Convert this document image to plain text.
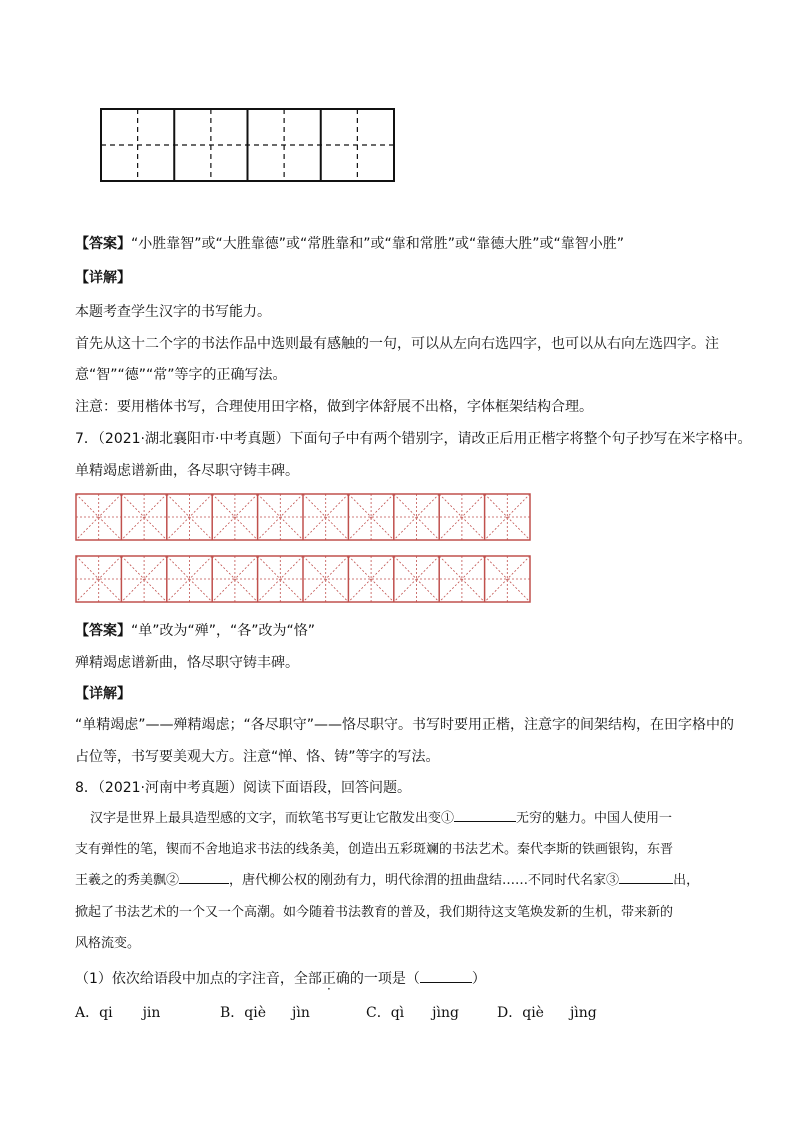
【答案】“小胜靠智”或“大胜靠德”或“常胜靠和”或“靠和常胜”或“靠德大胜”或“靠智小胜”
【详解】
本题考查学生汉字的书写能力。
首先从这十二个字的书法作品中选则最有感触的一句，可以从左向右选四字，也可以从右向左选四字。注
意“智”“德”“常”等字的正确写法。
注意：要用楷体书写，合理使用田字格，做到字体舒展不出格，字体框架结构合理。
7．（2021·湖北襄阳市·中考真题）下面句子中有两个错别字，请改正后用正楷字将整个句子抄写在米字格中。
单精竭虑谱新曲，各尽职守铸丰碑。
【答案】“单”改为“殚”，“各”改为“恪”
殚精竭虑谱新曲，恪尽职守铸丰碑。
【详解】
“单精竭虑”——殚精竭虑；“各尽职守”——恪尽职守。书写时要用正楷，注意字的间架结构，在田字格中的
占位等，书写要美观大方。注意“惮、恪、铸”等字的写法。
8．（2021·河南中考真题）阅读下面语段，回答问题。
汉字是世界上最具造型感的文字，而软笔书写更让它散发出变①	无穷的魅力。中国人使用一
支有弹性的笔，锲 ·而不舍地追求书法的线条美，创造出五彩斑斓的书法艺术。秦代李斯的铁画银钩，东晋
王羲之的秀美飘②	，唐代柳公权的刚劲有力，明代徐渭的扭曲盘结……不同时代名家③	出，
掀起了书法艺术的一个又一个高潮。如今随着书法教育的普及，我们期待这支笔焕发新的生机，带来新的
风格流变。
（1）依次给语段中加点的字注音，全部正确的一项是（	）
A．qi jin	B．qiè jìn	C．qì jìng	D．qiè jìng
